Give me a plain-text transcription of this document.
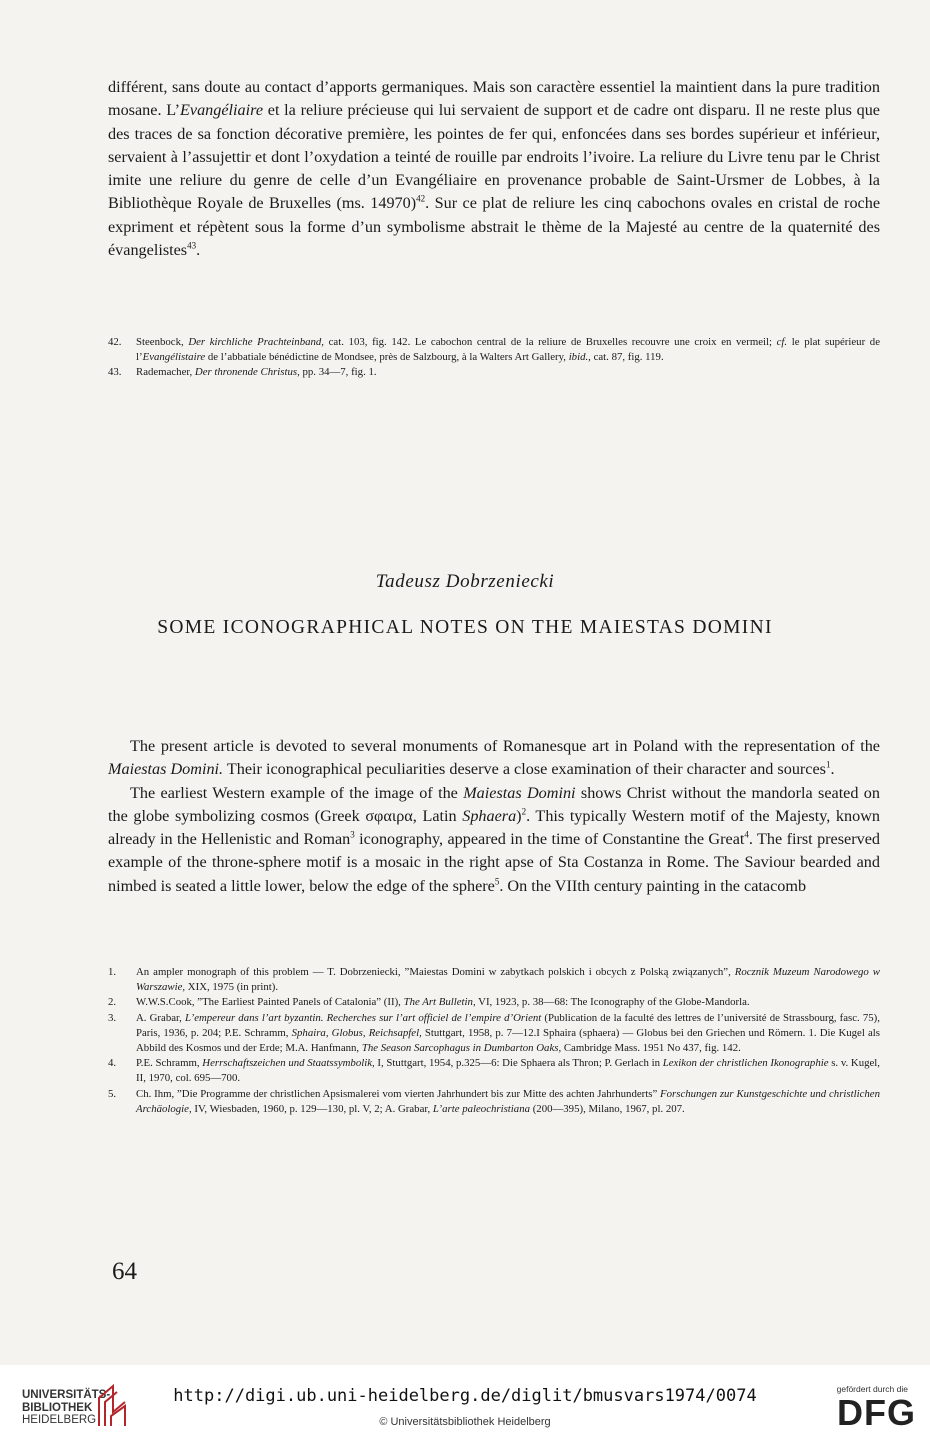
différent, sans doute au contact d’apports germaniques. Mais son caractère essentiel la maintient dans la pure tradition mosane. L’Evangéliaire et la reliure précieuse qui lui servaient de support et de cadre ont disparu. Il ne reste plus que des traces de sa fonction décorative première, les pointes de fer qui, enfoncées dans ses bordes supérieur et inférieur, servaient à l’assujettir et dont l’oxydation a teinté de rouille par endroits l’ivoire. La reliure du Livre tenu par le Christ imite une reliure du genre de celle d’un Evangéliaire en provenance probable de Saint-Ursmer de Lobbes, à la Bibliothèque Royale de Bruxelles (ms. 14970)$^{42}$. Sur ce plat de reliure les cinq cabochons ovales en cristal de roche expriment et répètent sous la forme d’un symbolisme abstrait le thème de la Majesté au centre de la quaternité des évangelistes$^{43}$.

42. Steenbock, Der kirchliche Prachteinband, cat. 103, fig. 142. Le cabochon central de la reliure de Bruxelles recouvre une croix en vermeil; cf. le plat supérieur de l’Evangélistaire de l’abbatiale bénédictine de Mondsee, près de Salzbourg, à la Walters Art Gallery, ibid., cat. 87, fig. 119.

43. Rademacher, Der thronende Christus, pp. 34—7, fig. 1.

Tadeusz Dobrzeniecki
SOME ICONOGRAPHICAL NOTES ON THE MAIESTAS DOMINI

The present article is devoted to several monuments of Romanesque art in Poland with the representation of the Maiestas Domini. Their iconographical peculiarities deserve a close examination of their character and sources$^1$.

The earliest Western example of the image of the Maiestas Domini shows Christ without the mandorla seated on the globe symbolizing cosmos (Greek σφαιρα, Latin Sphaera)$^2$. This typically Western motif of the Majesty, known already in the Hellenistic and Roman$^3$ iconography, appeared in the time of Constantine the Great$^4$. The first preserved example of the throne-sphere motif is a mosaic in the right apse of Sta Costanza in Rome. The Saviour bearded and nimbed is seated a little lower, below the edge of the sphere$^5$. On the VIIth century painting in the catacomb

1. An ampler monograph of this problem — T. Dobrzeniecki, ”Maiestas Domini w zabytkach polskich i obcych z Polską związanych”, Rocznik Muzeum Narodowego w Warszawie, XIX, 1975 (in print).

2. W.W.S.Cook, ”The Earliest Painted Panels of Catalonia” (II), The Art Bulletin, VI, 1923, p. 38—68: The Iconography of the Globe-Mandorla.

3. A. Grabar, L’empereur dans l’art byzantin. Recherches sur l’art officiel de l’empire d’Orient (Publication de la faculté des lettres de l’université de Strassbourg, fasc. 75), Paris, 1936, p. 204; P.E. Schramm, Sphaira, Globus, Reichsapfel, Stuttgart, 1958, p. 7—12.I Sphaira (sphaera) — Globus bei den Griechen und Römern. 1. Die Kugel als Abbild des Kosmos und der Erde; M.A. Hanfmann, The Season Sarcophagus in Dumbarton Oaks, Cambridge Mass. 1951 No 437, fig. 142.

4. P.E. Schramm, Herrschaftszeichen und Staatssymbolik, I, Stuttgart, 1954, p.325—6: Die Sphaera als Thron; P. Gerlach in Lexikon der christlichen Ikonographie s. v. Kugel, II, 1970, col. 695—700.

5. Ch. Ihm, ”Die Programme der christlichen Apsismalerei vom vierten Jahrhundert bis zur Mitte des achten Jahrhunderts” Forschungen zur Kunstgeschichte und christlichen Archäologie, IV, Wiesbaden, 1960, p. 129—130, pl. V, 2; A. Grabar, L’arte paleochristiana (200—395), Milano, 1967, pl. 207.

64
UNIVERSITÄTS-
BIBLIOTHEK
HEIDELBERG
http://digi.ub.uni-heidelberg.de/diglit/bmusvars1974/0074
© Universitätsbibliothek Heidelberg
gefördert durch die
DFG
